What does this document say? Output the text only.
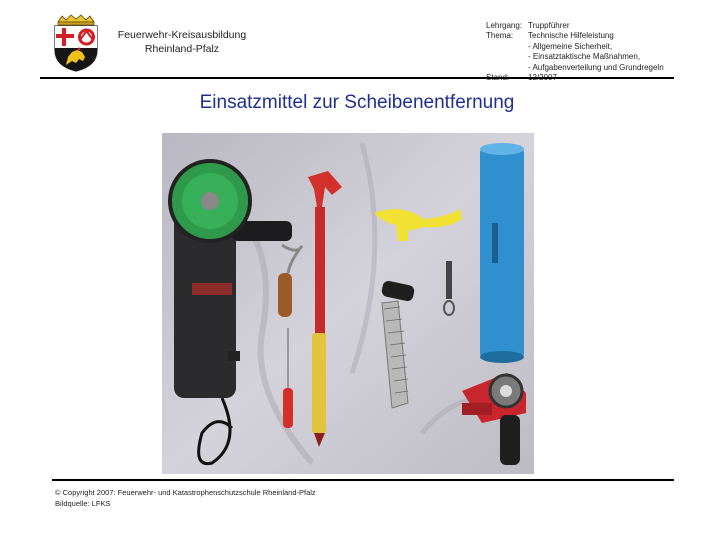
Feuerwehr-Kreisausbildung
Rheinland-Pfalz
Lehrgang: Truppführer
Thema:	Technische Hilfeleistung
- Allgemeine Sicherheit,
- Einsatztaktische Maßnahmen,
- Aufgabenverteilung und Grundregeln
Einsatzmittel zur Scheibenentfernung
© Copyright 2007: Feuerwehr- und Katastrophenschutzschule Rheinland-Pfalz
Bildquelle: LFKS
